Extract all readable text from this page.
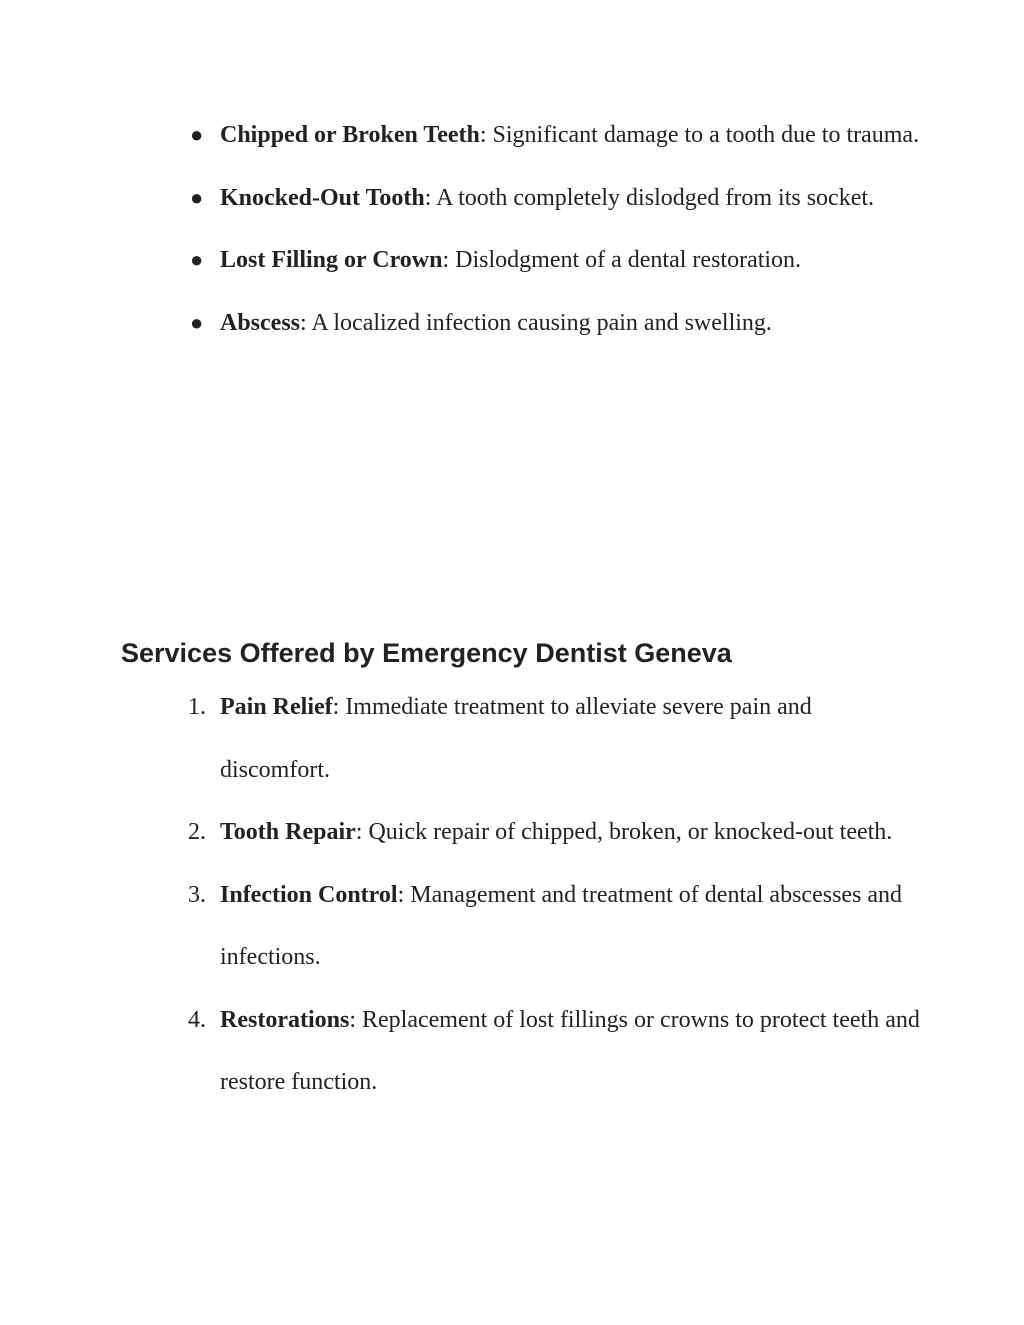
● Chipped or Broken Teeth: Significant damage to a tooth due to trauma.
● Knocked-Out Tooth: A tooth completely dislodged from its socket.
● Lost Filling or Crown: Dislodgment of a dental restoration.
● Abscess: A localized infection causing pain and swelling.
Services Offered by Emergency Dentist Geneva
1. Pain Relief: Immediate treatment to alleviate severe pain and discomfort.
2. Tooth Repair: Quick repair of chipped, broken, or knocked-out teeth.
3. Infection Control: Management and treatment of dental abscesses and infections.
4. Restorations: Replacement of lost fillings or crowns to protect teeth and restore function.
